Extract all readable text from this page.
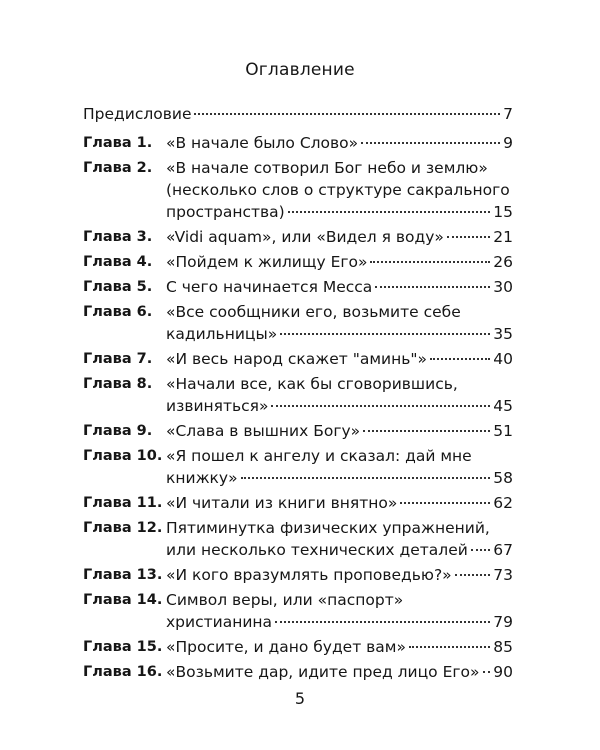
Оглавление
Предисловие	7
Глава 1. «В начале было Слово»	9
Глава 2. «В начале сотворил Бог небо и землю»
(несколько слов о структуре сакрального
пространства)	15
Глава 3. «Vidi aquam», или «Видел я воду»	21
Глава 4. «Пойдем к жилищу Его»	26
Глава 5. С чего начинается Месса	30
Глава 6. «Все сообщники его, возьмите себе
кадильницы»	35
Глава 7. «И весь народ скажет "аминь"»	40
Глава 8. «Начали все, как бы сговорившись,
извиняться»	45
Глава 9. «Слава в вышних Богу»	51
Глава 10. «Я пошел к ангелу и сказал: дай мне
книжку»	58
Глава 11. «И читали из книги внятно»	62
Глава 12. Пятиминутка физических упражнений,
или несколько технических деталей 67
Глава 13. «И кого вразумлять проповедью?»	73
Глава 14. Символ веры, или «паспорт»
христианина	79
Глава 15. «Просите, и дано будет вам»	85
Глава 16. «Возьмите дар, идите пред лицо Его» 90
5
